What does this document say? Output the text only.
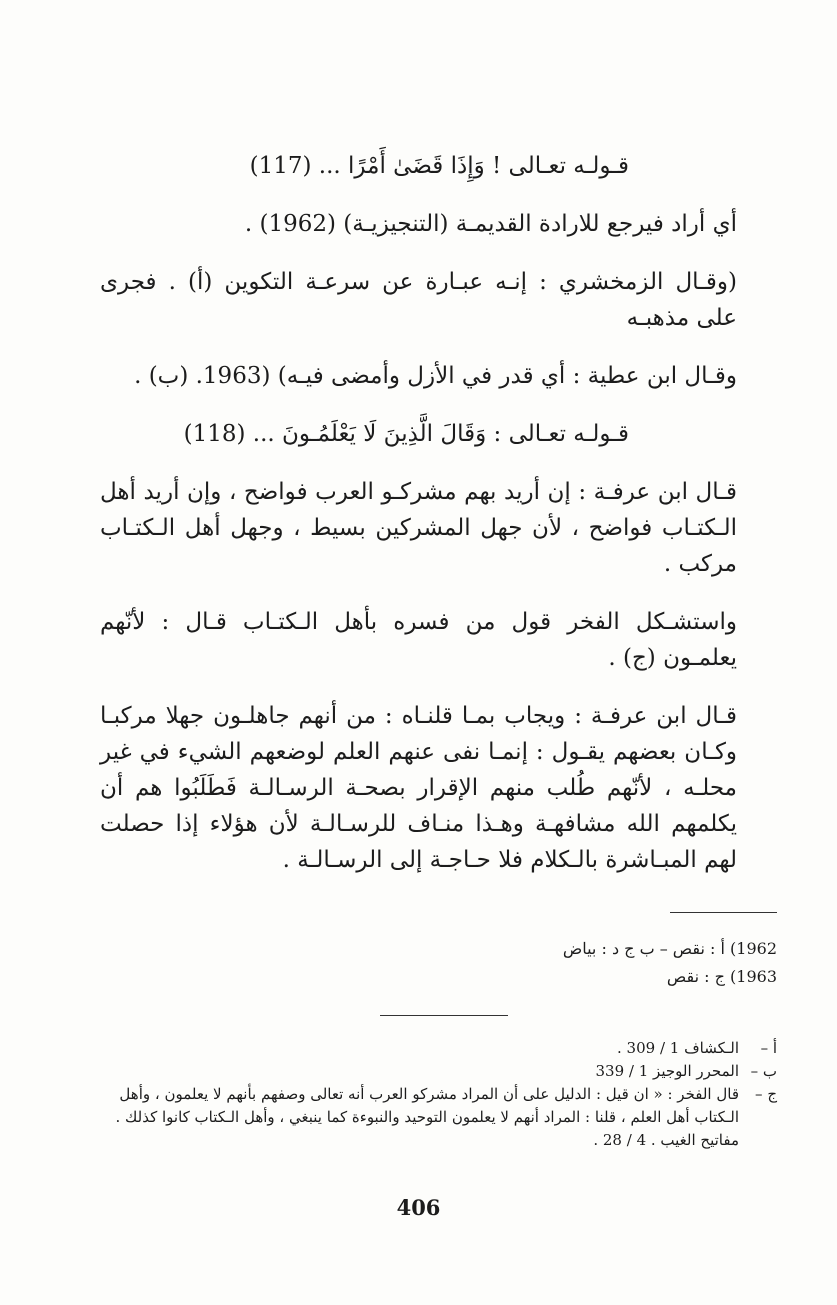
قـولـه تعـالى ! وَإِذَا قَضَىٰ أَمْرًا ... (117)

أي أراد فيرجع للارادة القديمـة (التنجيزيـة) (1962) .

(وقـال الزمخشري : إنـه عبـارة عن سرعـة التكوين (أ) . فجرى على مذهبـه

وقـال ابن عطية : أي قدر في الأزل وأمضى فيـه) (1963. (ب) .

قـولـه تعـالى : وَقَالَ الَّذِينَ لَا يَعْلَمُـونَ ... (118)

قـال ابن عرفـة : إن أريد بهم مشركـو العرب فواضح ، وإن أريد أهل الـكتـاب فواضح ، لأن جهل المشركين بسيط ، وجهل أهل الـكتـاب مركب .

واستشـكل الفخر قول من فسره بأهل الـكتـاب قـال : لأنّهم يعلمـون (ج) .

قـال ابن عرفـة : ويجاب بمـا قلنـاه : من أنهم جاهلـون جهلا مركبـا وكـان بعضهم يقـول : إنمـا نفى عنهم العلم لوضعهم الشيء في غير محلـه ، لأنّهم طُلب منهم الإقرار بصحـة الرسـالـة فَطَلَبُوا هم أن يكلمهم الله مشافهـة وهـذا منـاف للرسـالـة لأن هؤلاء إذا حصلت لهم المبـاشرة بالـكلام فلا حـاجـة إلى الرسـالـة .

1962) أ : نقص – ب ج د : بياض
1963) ج : نقص
أ –
الـكشاف 1 / 309 .
ب –
المحرر الوجيز 1 / 339
ج –
قال الفخر : « ان قيل : الدليل على أن المراد مشركو العرب أنه تعالى وصفهم بأنهم لا يعلمون ، وأهل الـكتاب أهل العلم ، قلنا : المراد أنهم لا يعلمون التوحيد والنبوءة كما ينبغي ، وأهل الـكتاب كانوا كذلك . مفاتيح الغيب . 4 / 28 .
406
